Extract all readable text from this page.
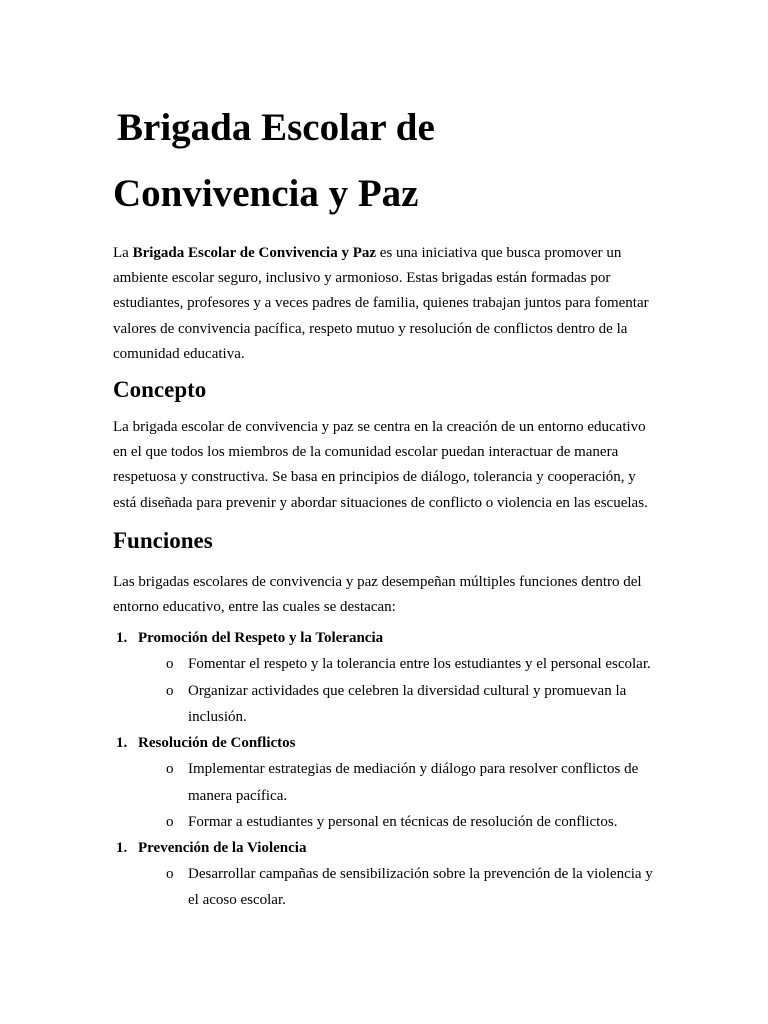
Brigada Escolar de
Convivencia y Paz

La Brigada Escolar de Convivencia y Paz es una iniciativa que busca promover un ambiente escolar seguro, inclusivo y armonioso. Estas brigadas están formadas por estudiantes, profesores y a veces padres de familia, quienes trabajan juntos para fomentar valores de convivencia pacífica, respeto mutuo y resolución de conflictos dentro de la comunidad educativa.

Concepto

La brigada escolar de convivencia y paz se centra en la creación de un entorno educativo en el que todos los miembros de la comunidad escolar puedan interactuar de manera respetuosa y constructiva. Se basa en principios de diálogo, tolerancia y cooperación, y está diseñada para prevenir y abordar situaciones de conflicto o violencia en las escuelas.

Funciones

Las brigadas escolares de convivencia y paz desempeñan múltiples funciones dentro del entorno educativo, entre las cuales se destacan:

1. Promoción del Respeto y la Tolerancia
o Fomentar el respeto y la tolerancia entre los estudiantes y el personal escolar.
o Organizar actividades que celebren la diversidad cultural y promuevan la inclusión.
1. Resolución de Conflictos
o Implementar estrategias de mediación y diálogo para resolver conflictos de manera pacífica.
o Formar a estudiantes y personal en técnicas de resolución de conflictos.
1. Prevención de la Violencia
o Desarrollar campañas de sensibilización sobre la prevención de la violencia y el acoso escolar.
